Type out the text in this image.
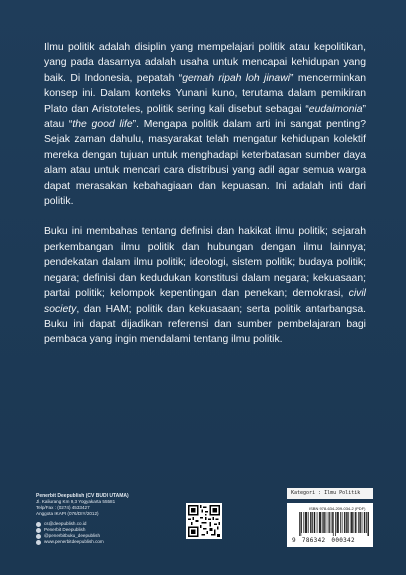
Ilmu politik adalah disiplin yang mempelajari politik atau kepolitikan, yang pada dasarnya adalah usaha untuk mencapai kehidupan yang baik. Di Indonesia, pepatah “gemah ripah loh jinawi” mencerminkan konsep ini. Dalam konteks Yunani kuno, terutama dalam pemikiran Plato dan Aristoteles, politik sering kali disebut sebagai “eudaimonia” atau “the good life”. Mengapa politik dalam arti ini sangat penting? Sejak zaman dahulu, masyarakat telah mengatur kehidupan kolektif mereka dengan tujuan untuk menghadapi keterbatasan sumber daya alam atau untuk mencari cara distribusi yang adil agar semua warga dapat merasakan kebahagiaan dan kepuasan. Ini adalah inti dari politik.

Buku ini membahas tentang definisi dan hakikat ilmu politik; sejarah perkembangan ilmu politik dan hubungan dengan ilmu lainnya; pendekatan dalam ilmu politik; ideologi, sistem politik; budaya politik; negara; definisi dan kedudukan konstitusi dalam negara; kekuasaan; partai politik; kelompok kepentingan dan penekan; demokrasi, civil society, dan HAM; politik dan kekuasaan; serta politik antarbangsa. Buku ini dapat dijadikan referensi dan sumber pembelajaran bagi pembaca yang ingin mendalami tentang ilmu politik.

Penerbit Deepublish (CV BUDI UTAMA)
Jl. Kaliurang Km 9,3 Yogyakarta 55581
Telp/Fax : (0274) 4533427
Anggota IKAPI (076/DIY/2012)
cs@deepublish.co.id
Penerbit Deepublish
@penerbitbuku_deepublish
www.penerbitdeepublish.com
Kategori : Ilmu Politik
ISBN 978-634-209-034-2 (PDF)
9 786342 000342
